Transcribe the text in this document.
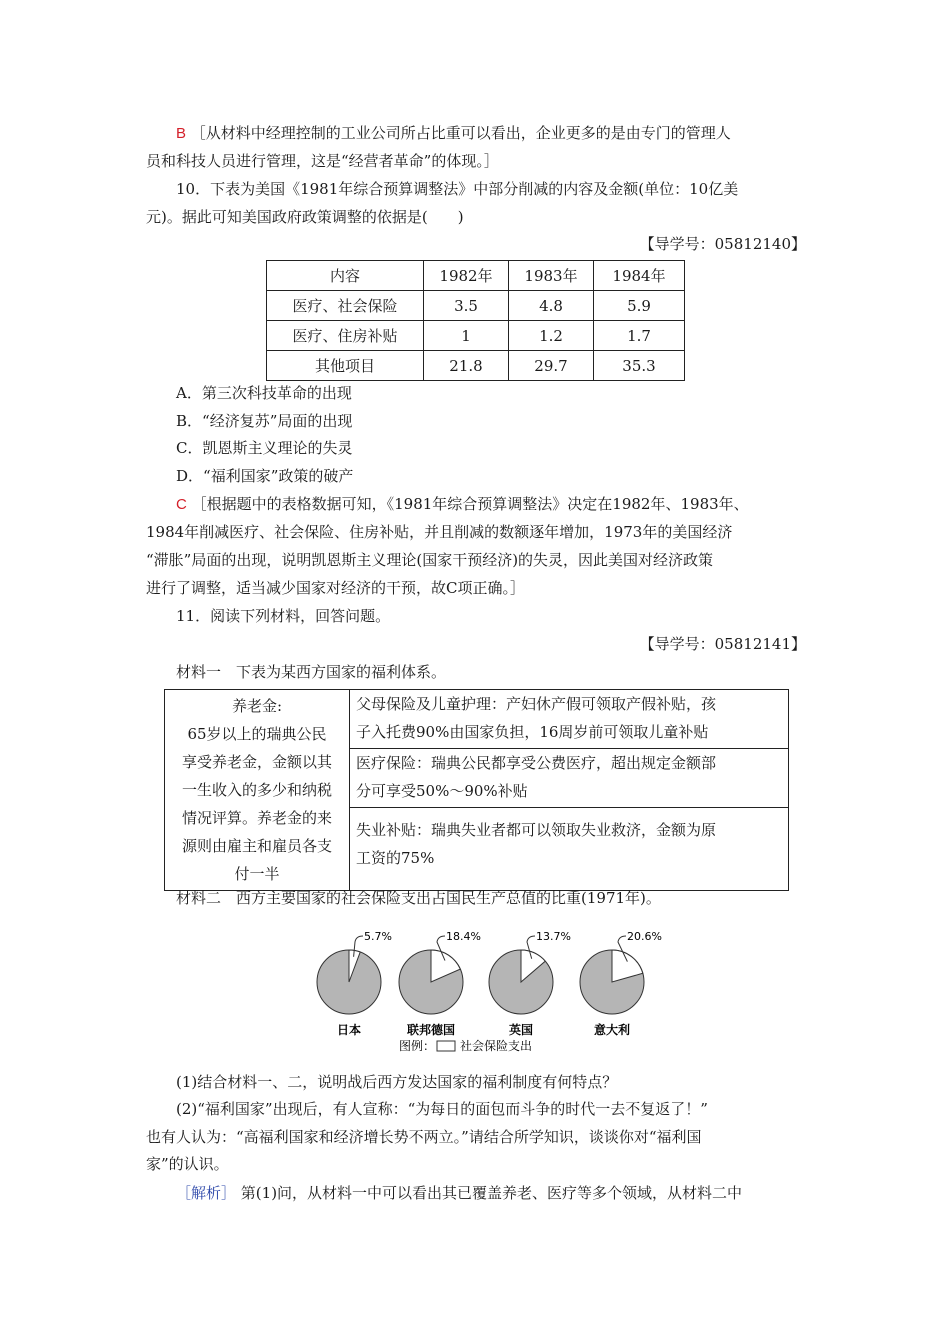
B ［从材料中经理控制的工业公司所占比重可以看出，企业更多的是由专门的管理人
员和科技人员进行管理，这是“经营者革命”的体现。］
10．下表为美国《1981年综合预算调整法》中部分削减的内容及金额(单位：10亿美
元)。据此可知美国政府政策调整的依据是(　　)
【导学号：05812140】
内容	1982年	1983年	1984年
医疗、社会保险	3.5	4.8	5.9
医疗、住房补贴	1	1.2	1.7
其他项目	21.8	29.7	35.3
A．第三次科技革命的出现
B．“经济复苏”局面的出现
C．凯恩斯主义理论的失灵
D．“福利国家”政策的破产
C ［根据题中的表格数据可知，《1981年综合预算调整法》决定在1982年、1983年、
1984年削减医疗、社会保险、住房补贴，并且削减的数额逐年增加，1973年的美国经济
“滞胀”局面的出现，说明凯恩斯主义理论(国家干预经济)的失灵，因此美国对经济政策
进行了调整，适当减少国家对经济的干预，故C项正确。］
11．阅读下列材料，回答问题。
【导学号：05812141】
材料一　下表为某西方国家的福利体系。
养老金:
65岁以上的瑞典公民
享受养老金，金额以其
一生收入的多少和纳税
情况评算。养老金的来
源则由雇主和雇员各支
付一半

父母保险及儿童护理：产妇休产假可领取产假补贴，孩
子入托费90%由国家负担，16周岁前可领取儿童补贴

医疗保险：瑞典公民都享受公费医疗，超出规定金额部
分可享受50%～90%补贴

失业补贴：瑞典失业者都可以领取失业救济，金额为原
工资的75%
材料二　西方主要国家的社会保险支出占国民生产总值的比重(1971年)。
5.7%
日本
18.4%
联邦德国
13.7%
英国
20.6%
意大利
图例： 社会保险支出
(1)结合材料一、二，说明战后西方发达国家的福利制度有何特点？
(2)“福利国家”出现后，有人宣称：“为每日的面包而斗争的时代一去不复返了！”
也有人认为：“高福利国家和经济增长势不两立。”请结合所学知识，谈谈你对“福利国
家”的认识。
［解析］ 第(1)问，从材料一中可以看出其已覆盖养老、医疗等多个领域，从材料二中
